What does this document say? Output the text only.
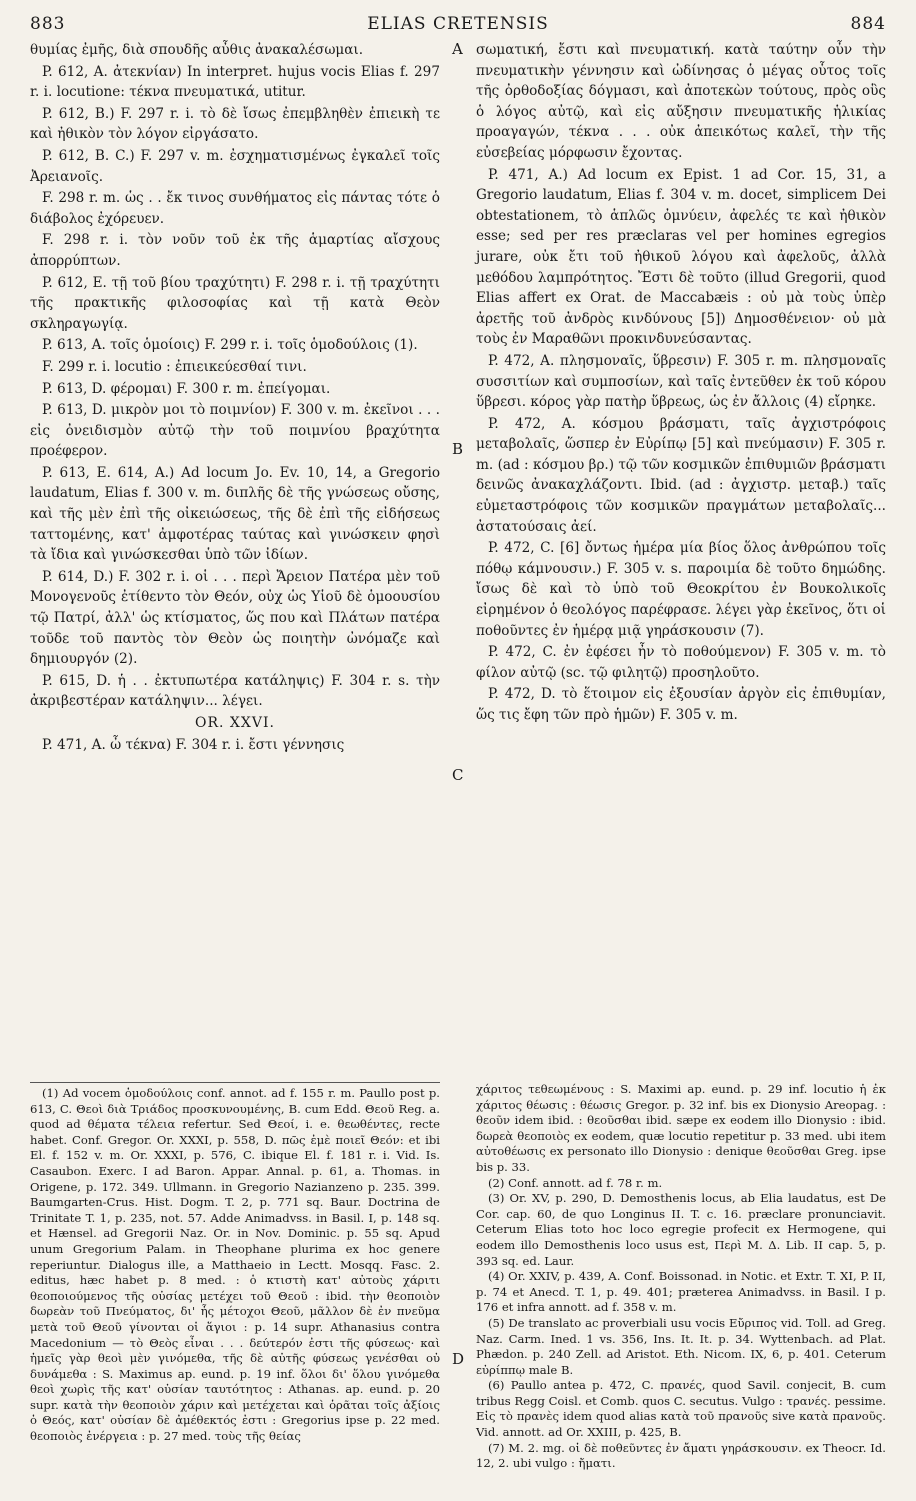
883	ELIAS CRETENSIS	884
A
B
C
D

θυμίας ἐμῆς, διὰ σπουδῆς αὖθις ἀνακαλέσωμαι.

P. 612, A. ἀτεκνίαν) In interpret. hujus vocis Elias f. 297 r. i. locutione: τέκνα πνευματικά, utitur.

P. 612, B.) F. 297 r. i. τὸ δὲ ἴσως ἐπεμβληθὲν ἐπιεικὴ τε καὶ ἠθικὸν τὸν λόγον εἰργάσατο.

P. 612, B. C.) F. 297 v. m. ἐσχηματισμένως ἐγκαλεῖ τοῖς Ἀρειανοῖς.

F. 298 r. m. ὡς . . ἔκ τινος συνθήματος εἰς πάντας τότε ὁ διάβολος ἐχόρευεν.

F. 298 r. i. τὸν νοῦν τοῦ ἐκ τῆς ἁμαρτίας αἴσχους ἀπορρύπτων.

P. 612, E. τῇ τοῦ βίου τραχύτητι) F. 298 r. i. τῇ τραχύτητι τῆς πρακτικῆς φιλοσοφίας καὶ τῇ κατὰ Θεὸν σκληραγωγίᾳ.

P. 613, A. τοῖς ὁμοίοις) F. 299 r. i. τοῖς ὁμοδούλοις (1).

F. 299 r. i. locutio : ἐπιεικεύεσθαί τινι.

P. 613, D. φέρομαι) F. 300 r. m. ἐπείγομαι.

P. 613, D. μικρὸν μοι τὸ ποιμνίον) F. 300 v. m. ἐκεῖνοι . . . εἰς ὀνειδισμὸν αὐτῷ τὴν τοῦ ποιμνίου βραχύτητα προέφερον.

P. 613, E. 614, A.) Ad locum Jo. Ev. 10, 14, a Gregorio laudatum, Elias f. 300 v. m. διπλῆς δὲ τῆς γνώσεως οὔσης, καὶ τῆς μὲν ἐπὶ τῆς οἰκειώσεως, τῆς δὲ ἐπὶ τῆς εἰδήσεως ταττομένης, κατ' ἀμφοτέρας ταύτας καὶ γινώσκειν φησὶ τὰ ἴδια καὶ γινώσκεσθαι ὑπὸ τῶν ἰδίων.

P. 614, D.) F. 302 r. i. οἱ . . . περὶ Ἄρειον Πατέρα μὲν τοῦ Μονογενοῦς ἐτίθεντο τὸν Θεόν, οὐχ ὡς Υἱοῦ δὲ ὁμοουσίου τῷ Πατρί, ἀλλ' ὡς κτίσματος, ὥς που καὶ Πλάτων πατέρα τοῦδε τοῦ παντὸς τὸν Θεὸν ὡς ποιητὴν ὠνόμαζε καὶ δημιουργόν (2).

P. 615, D. ἡ . . ἐκτυπωτέρα κατάληψις) F. 304 r. s. τὴν ἀκριβεστέραν κατάληψιν... λέγει.

OR. XXVI.

P. 471, A. ὦ τέκνα) F. 304 r. i. ἔστι γέννησις

σωματική, ἔστι καὶ πνευματική. κατὰ ταύτην οὖν τὴν πνευματικὴν γέννησιν καὶ ὠδίνησας ὁ μέγας οὗτος τοῖς τῆς ὀρθοδοξίας δόγμασι, καὶ ἀποτεκὼν τούτους, πρὸς οὓς ὁ λόγος αὐτῷ, καὶ εἰς αὔξησιν πνευματικῆς ἡλικίας προαγαγών, τέκνα . . . οὐκ ἀπεικότως καλεῖ, τὴν τῆς εὐσεβείας μόρφωσιν ἔχοντας.

P. 471, A.) Ad locum ex Epist. 1 ad Cor. 15, 31, a Gregorio laudatum, Elias f. 304 v. m. docet, simplicem Dei obtestationem, τὸ ἁπλῶς ὀμνύειν, ἀφελές τε καὶ ἠθικὸν esse; sed per res præclaras vel per homines egregios jurare, οὐκ ἔτι τοῦ ἠθικοῦ λόγου καὶ ἀφελοῦς, ἀλλὰ μεθόδου λαμπρότητος. Ἔστι δὲ τοῦτο (illud Gregorii, quod Elias affert ex Orat. de Maccabæis : οὐ μὰ τοὺς ὑπὲρ ἀρετῆς τοῦ ἀνδρὸς κινδύνους [5]) Δημοσθένειον· οὐ μὰ τοὺς ἐν Μαραθῶνι προκινδυνεύσαντας.

P. 472, A. πλησμοναῖς, ὕβρεσιν) F. 305 r. m. πλησμοναῖς συσσιτίων καὶ συμποσίων, καὶ ταῖς ἐντεῦθεν ἐκ τοῦ κόρου ὕβρεσι. κόρος γὰρ πατὴρ ὕβρεως, ὡς ἐν ἄλλοις (4) εἴρηκε.

P. 472, A. κόσμου βράσματι, ταῖς ἀγχιστρόφοις μεταβολαῖς, ὥσπερ ἐν Εὐρίπῳ [5] καὶ πνεύμασιν) F. 305 r. m. (ad : κόσμου βρ.) τῷ τῶν κοσμικῶν ἐπιθυμιῶν βράσματι δεινῶς ἀνακαχλάζοντι. Ibid. (ad : ἀγχιστρ. μεταβ.) ταῖς εὐμεταστρόφοις τῶν κοσμικῶν πραγμάτων μεταβολαῖς... ἀστατούσαις ἀεί.

P. 472, C. [6] ὄντως ἡμέρα μία βίος ὅλος ἀνθρώπου τοῖς πόθῳ κάμνουσιν.) F. 305 v. s. παροιμία δὲ τοῦτο δημώδης. ἴσως δὲ καὶ τὸ ὑπὸ τοῦ Θεοκρίτου ἐν Βουκολικοῖς εἰρημένον ὁ θεολόγος παρέφρασε. λέγει γὰρ ἐκεῖνος, ὅτι οἱ ποθοῦντες ἐν ἡμέρᾳ μιᾷ γηράσκουσιν (7).

P. 472, C. ἐν ἐφέσει ἦν τὸ ποθούμενον) F. 305 v. m. τὸ φίλον αὐτῷ (sc. τῷ φιλητῷ) προσηλοῦτο.

P. 472, D. τὸ ἕτοιμον εἰς ἐξουσίαν ἀργὸν εἰς ἐπιθυμίαν, ὥς τις ἔφη τῶν πρὸ ἡμῶν) F. 305 v. m.

(1) Ad vocem ὁμοδούλοις conf. annot. ad f. 155 r. m. Paullo post p. 613, C. Θεοὶ διὰ Τριάδος προσκυνουμένης, B. cum Edd. Θεοῦ Reg. a. quod ad θέματα τέλεια refertur. Sed Θεοί, i. e. θεωθέντες, recte habet. Conf. Gregor. Or. XXXI, p. 558, D. πῶς ἐμὲ ποιεῖ Θεόν: et ibi El. f. 152 v. m. Or. XXXI, p. 576, C. ibique El. f. 181 r. i. Vid. Is. Casaubon. Exerc. I ad Baron. Appar. Annal. p. 61, a. Thomas. in Origene, p. 172. 349. Ullmann. in Gregorio Nazianzeno p. 235. 399. Baumgarten-Crus. Hist. Dogm. T. 2, p. 771 sq. Baur. Doctrina de Trinitate T. 1, p. 235, not. 57. Adde Animadvss. in Basil. I, p. 148 sq. et Hænsel. ad Gregorii Naz. Or. in Nov. Dominic. p. 55 sq. Apud unum Gregorium Palam. in Theophane plurima ex hoc genere reperiuntur. Dialogus ille, a Matthaeio in Lectt. Mosqq. Fasc. 2. editus, hæc habet p. 8 med. : ὁ κτιστὴ κατ' αὐτοὺς χάριτι θεοποιούμενος τῆς οὐσίας μετέχει τοῦ Θεοῦ : ibid. τὴν θεοποιὸν δωρεὰν τοῦ Πνεύματος, δι' ἧς μέτοχοι Θεοῦ, μᾶλλον δὲ ἐν πνεῦμα μετὰ τοῦ Θεοῦ γίνονται οἱ ἅγιοι : p. 14 supr. Athanasius contra Macedonium — τὸ Θεὸς εἶναι . . . δεύτερόν ἐστι τῆς φύσεως· καὶ ἡμεῖς γὰρ θεοὶ μὲν γινόμεθα, τῆς δὲ αὐτῆς φύσεως γενέσθαι οὐ δυνάμεθα : S. Maximus ap. eund. p. 19 inf. ὅλοι δι' ὅλου γινόμεθα θεοὶ χωρὶς τῆς κατ' οὐσίαν ταυτότητος : Athanas. ap. eund. p. 20 supr. κατὰ τὴν θεοποιὸν χάριν καὶ μετέχεται καὶ ὁρᾶται τοῖς ἀξίοις ὁ Θεός, κατ' οὐσίαν δὲ ἀμέθεκτός ἐστι : Gregorius ipse p. 22 med. θεοποιὸς ἐνέργεια : p. 27 med. τοὺς τῆς θείας

χάριτος τεθεωμένους : S. Maximi ap. eund. p. 29 inf. locutio ἡ ἐκ χάριτος θέωσις : θέωσις Gregor. p. 32 inf. bis ex Dionysio Areopag. : θεοῦν idem ibid. : θεοῦσθαι ibid. sæpe ex eodem illo Dionysio : ibid. δωρεὰ θεοποιὸς ex eodem, quæ locutio repetitur p. 33 med. ubi item αὐτοθέωσις ex personato illo Dionysio : denique θεοῦσθαι Greg. ipse bis p. 33.

(2) Conf. annott. ad f. 78 r. m.

(3) Or. XV, p. 290, D. Demosthenis locus, ab Elia laudatus, est De Cor. cap. 60, de quo Longinus II. T. c. 16. præclare pronunciavit. Ceterum Elias toto hoc loco egregie profecit ex Hermogene, qui eodem illo Demosthenis loco usus est, Περὶ Μ. Δ. Lib. II cap. 5, p. 393 sq. ed. Laur.

(4) Or. XXIV, p. 439, A. Conf. Boissonad. in Notic. et Extr. T. XI, P. II, p. 74 et Anecd. T. 1, p. 49. 401; præterea Animadvss. in Basil. I p. 176 et infra annott. ad f. 358 v. m.

(5) De translato ac proverbiali usu vocis Εὔριπος vid. Toll. ad Greg. Naz. Carm. Ined. 1 vs. 356, Ins. It. It. p. 34. Wyttenbach. ad Plat. Phædon. p. 240 Zell. ad Aristot. Eth. Nicom. IX, 6, p. 401. Ceterum εὐρίππῳ male B.

(6) Paullo antea p. 472, C. πρανές, quod Savil. conjecit, B. cum tribus Regg Coisl. et Comb. quos C. secutus. Vulgo : τρανές. pessime. Εἰς τὸ πρανὲς idem quod alias κατὰ τοῦ πρανοῦς sive κατὰ πρανοῦς. Vid. annott. ad Or. XXIII, p. 425, B.

(7) M. 2. mg. οἱ δὲ ποθεῦντες ἐν ἄματι γηράσκουσιν. ex Theocr. Id. 12, 2. ubi vulgo : ἤματι.
